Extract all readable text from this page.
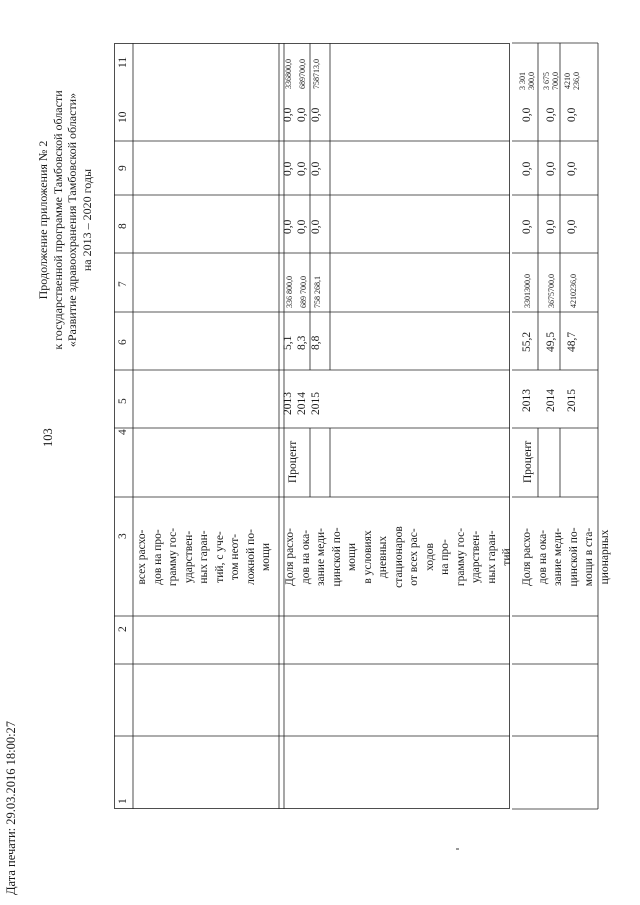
103
Продолжение приложения № 2 к государственной программе Тамбовской области «Развитие здравоохранения Тамбовской области» на 2013 – 2020 годы
Дата печати: 29.03.2016 18:00:27	1
2
3
4
5
6
7
8
9
10
11
всех расхо-
дов на про-
грамму гос-
ударствен-
ных гаран-
тий, с уче-
том неот-
ложной по-
мощи
Доля расхо-
дов на ока-
зание меди-
цинской по-
мощи
в условиях
дневных
стационаров
от всех рас-
ходов
на про-
грамму гос-
ударствен-
ных гаран-
тий
Процент
2013 2014 2015
5,1 8,3 8,8
336 800,0 689 700,0 758 268,1
0,0 0,0 0,0
0,0 0,0 0,0
0,0 0,0 0,0
336800,0 689700,0 758713,0
Доля расхо-
дов на ока-
зание меди-
цинской по-
мощи в ста-
ционарных
Процент
2013 2014 2015
55,2 49,5 48,7
3301300,0 3675700,0 4210236,0
0,0 0,0 0,0
0,0 0,0 0,0
0,0 0,0 0,0
3 301
300,0 3 675
700,0 4210
236,0
